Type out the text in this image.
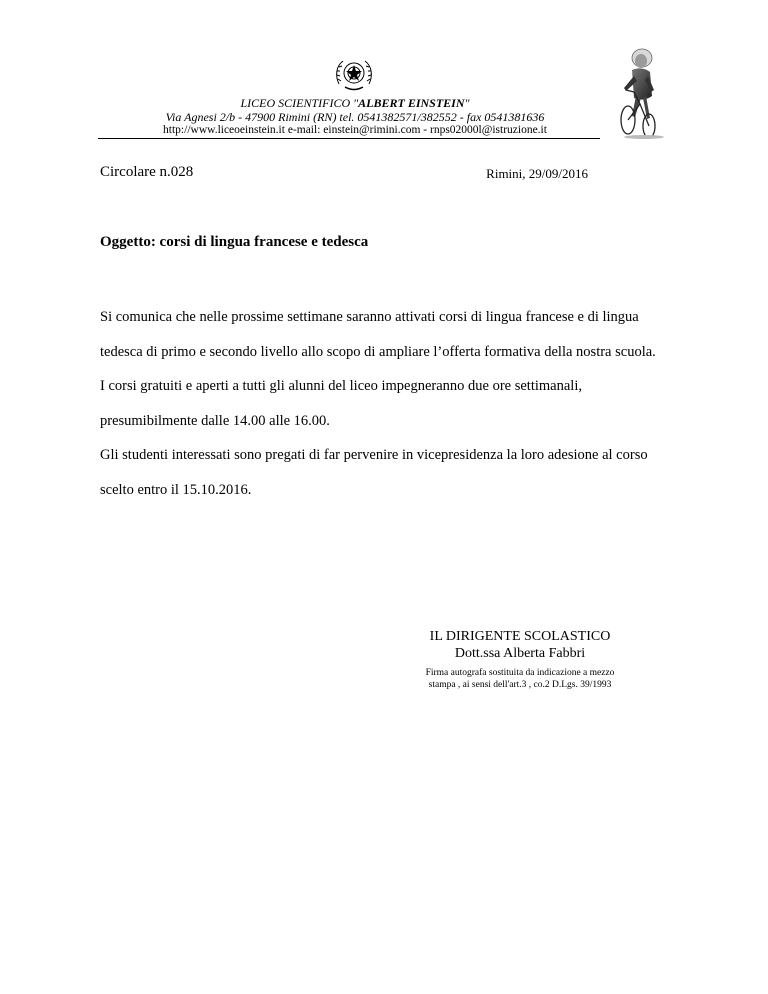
LICEO SCIENTIFICO "ALBERT EINSTEIN"
Via Agnesi 2/b - 47900 Rimini (RN) tel. 0541382571/382552 - fax 0541381636
http://www.liceoeinstein.it e-mail: einstein@rimini.com - rnps02000l@istruzione.it
Circolare n.028	Rimini, 29/09/2016
Oggetto: corsi di lingua francese e tedesca
Si comunica che nelle prossime settimane saranno attivati corsi di lingua francese e di lingua
tedesca di primo e secondo livello allo scopo di ampliare l’offerta formativa della nostra scuola.
I corsi gratuiti e aperti a tutti gli alunni del liceo impegneranno due ore settimanali,
presumibilmente dalle 14.00 alle 16.00.
Gli studenti interessati sono pregati di far pervenire in vicepresidenza la loro adesione al corso
scelto entro il 15.10.2016.
IL DIRIGENTE SCOLASTICO
Dott.ssa Alberta Fabbri
Firma autografa sostituita da indicazione a mezzo
stampa , ai sensi dell'art.3 , co.2 D.Lgs. 39/1993
